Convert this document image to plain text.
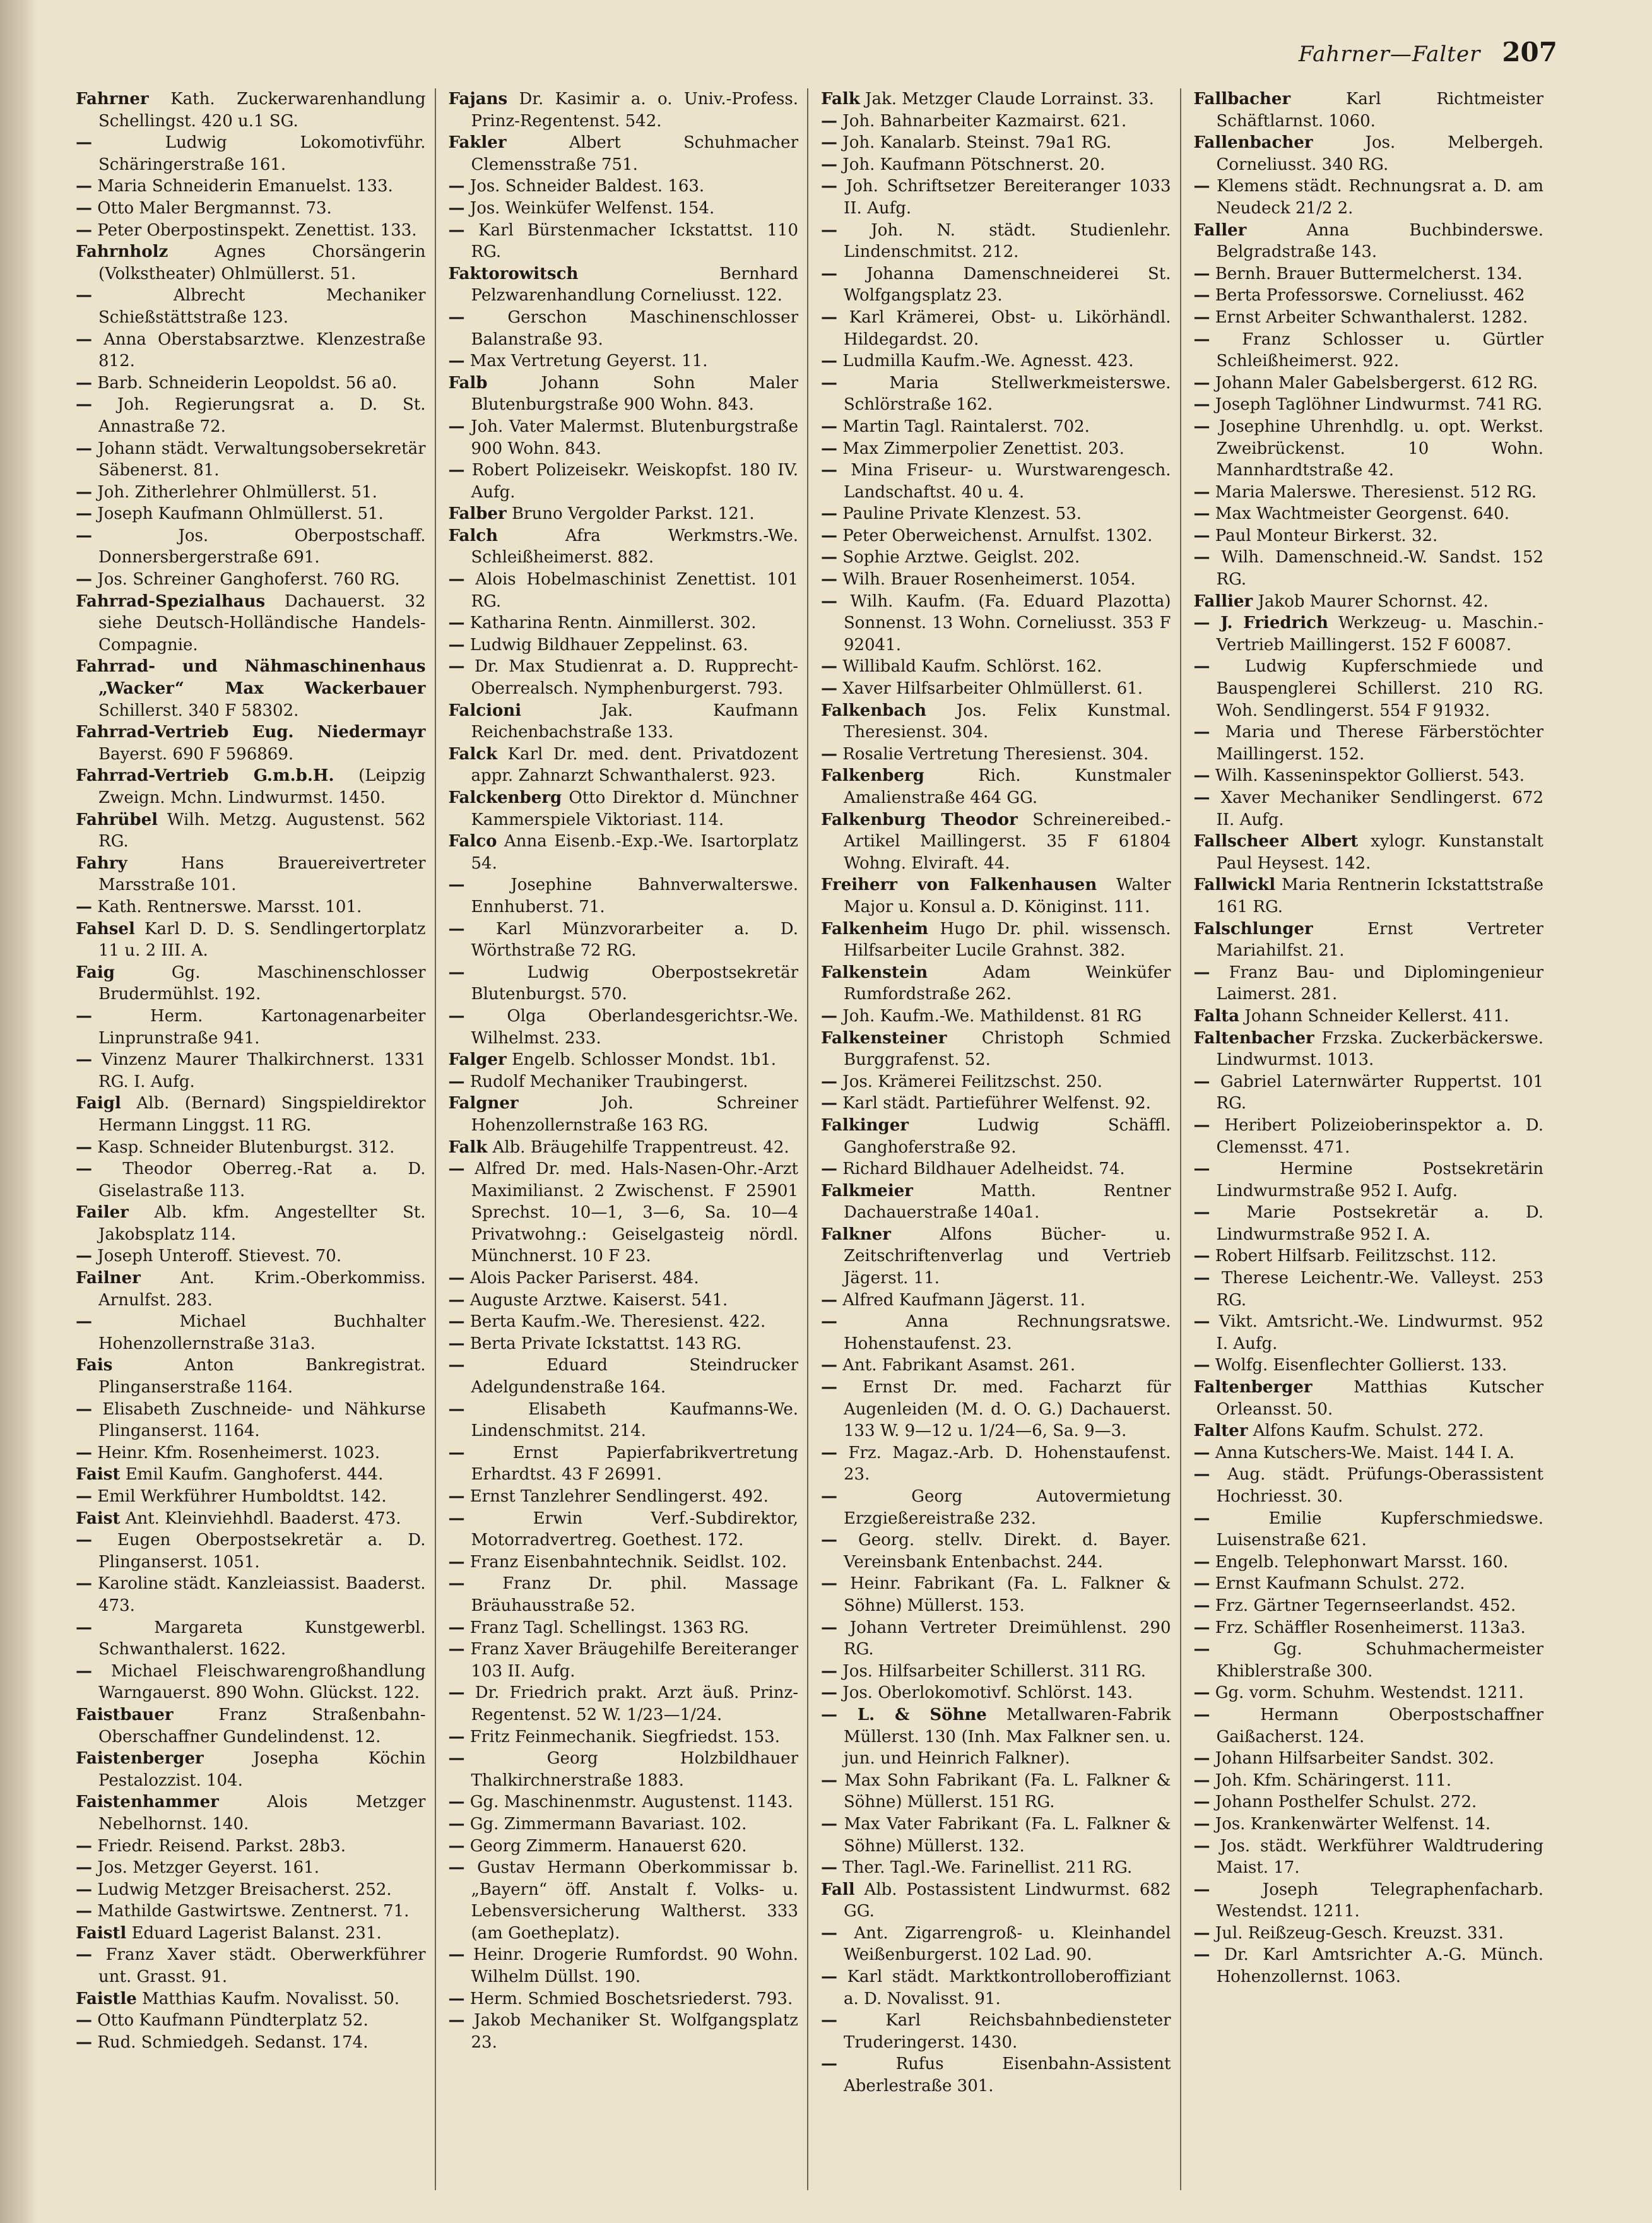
Fahrner—Falter 207
Fahrner Kath. Zuckerwarenhandlung Schellingst. 420 u.1 SG.
—	Ludwig Lokomotivführ. Schäringerstraße 161.
— Maria Schneiderin Emanuelst. 133.
— Otto Maler Bergmannst. 73.
— Peter Oberpostinspekt. Zenettist. 133.
Fahrnholz	Agnes Chorsängerin (Volkstheater) Ohlmüllerst. 51.
—	Albrecht Mechaniker Schießstättstraße 123.
— Anna Oberstabsarztwe. Klenzestraße 812.
— Barb. Schneiderin Leopoldst. 56 a0.
— Joh. Regierungsrat a. D. St. Annastraße 72.
— Johann städt. Verwaltungsobersekretär Säbenerst. 81.
— Joh. Zitherlehrer Ohlmüllerst. 51.
— Joseph Kaufmann Ohlmüllerst. 51.
—	Jos. Oberpostschaff. Donnersbergerstraße 691.
— Jos. Schreiner Ganghoferst. 760 RG.
Fahrrad-Spezialhaus Dachauerst. 32 siehe Deutsch-Holländische Handels-Compagnie.
Fahrrad- und Nähmaschinenhaus „Wacker“ Max Wackerbauer Schillerst. 340 F 58302.
Fahrrad-Vertrieb Eug. Niedermayr Bayerst. 690 F 596869.
Fahrrad-Vertrieb G.m.b.H. (Leipzig Zweign. Mchn. Lindwurmst. 1450.
Fahrübel Wilh. Metzg. Augustenst. 562 RG.
Fahry	Hans Brauereivertreter Marsstraße 101.
— Kath. Rentnerswe. Marsst. 101.
Fahsel Karl D. D. S. Sendlingertorplatz 11 u. 2 III. A.
Faig	Gg. Maschinenschlosser Brudermühlst. 192.
—	Herm. Kartonagenarbeiter Linprunstraße 941.
— Vinzenz Maurer Thalkirchnerst. 1331 RG. I. Aufg.
Faigl Alb. (Bernard) Singspieldirektor Hermann Linggst. 11 RG.
— Kasp. Schneider Blutenburgst. 312.
— Theodor Oberreg.-Rat a. D. Giselastraße 113.
Failer Alb. kfm. Angestellter St. Jakobsplatz 114.
— Joseph Unteroff. Stievest. 70.
Failner Ant. Krim.-Oberkommiss. Arnulfst. 283.
—	Michael Buchhalter Hohenzollernstraße 31a3.
Fais	Anton Bankregistrat. Plinganserstraße 1164.
— Elisabeth Zuschneide- und Nähkurse Plinganserst. 1164.
— Heinr. Kfm. Rosenheimerst. 1023.
Faist Emil Kaufm. Ganghoferst. 444.
— Emil Werkführer Humboldtst. 142.
Faist Ant. Kleinviehhdl. Baaderst. 473.
— Eugen Oberpostsekretär a. D. Plinganserst. 1051.
— Karoline städt. Kanzleiassist. Baaderst. 473.
—	Margareta Kunstgewerbl. Schwanthalerst. 1622.
— Michael Fleischwarengroßhandlung Warngauerst. 890 Wohn. Glückst. 122.
Faistbauer	Franz Straßenbahn-Oberschaffner Gundelindenst. 12.
Faistenberger	Josepha Köchin Pestalozzist. 104.
Faistenhammer	Alois Metzger Nebelhornst. 140.
— Friedr. Reisend. Parkst. 28b3.
— Jos. Metzger Geyerst. 161.
— Ludwig Metzger Breisacherst. 252.
— Mathilde Gastwirtswe. Zentnerst. 71.
Faistl Eduard Lagerist Balanst. 231.
— Franz Xaver städt. Oberwerkführer unt. Grasst. 91.
Faistle Matthias Kaufm. Novalisst. 50.
— Otto Kaufmann Pündterplatz 52.
— Rud. Schmiedgeh. Sedanst. 174.
Fajans Dr. Kasimir a. o. Univ.-Profess. Prinz-Regentenst. 542.
Fakler	Albert Schuhmacher Clemensstraße 751.
— Jos. Schneider Baldest. 163.
— Jos. Weinküfer Welfenst. 154.
— Karl Bürstenmacher Ickstattst. 110 RG.
Faktorowitsch	Bernhard Pelzwarenhandlung Corneliusst. 122.
—	Gerschon Maschinenschlosser Balanstraße 93.
— Max Vertretung Geyerst. 11.
Falb	Johann Sohn Maler Blutenburgstraße 900 Wohn. 843.
— Joh. Vater Malermst. Blutenburgstraße 900 Wohn. 843.
— Robert Polizeisekr. Weiskopfst. 180 IV. Aufg.
Falber Bruno Vergolder Parkst. 121.
Falch	Afra Werkmstrs.-We. Schleißheimerst. 882.
— Alois Hobelmaschinist Zenettist. 101 RG.
— Katharina Rentn. Ainmillerst. 302.
— Ludwig Bildhauer Zeppelinst. 63.
— Dr. Max Studienrat a. D. Rupprecht-Oberrealsch. Nymphenburgerst. 793.
Falcioni	Jak. Kaufmann Reichenbachstraße 133.
Falck Karl Dr. med. dent. Privatdozent appr. Zahnarzt Schwanthalerst. 923.
Falckenberg Otto Direktor d. Münchner Kammerspiele Viktoriast. 114.
Falco Anna Eisenb.-Exp.-We. Isartorplatz 54.
—	Josephine Bahnverwalterswe. Ennhuberst. 71.
— Karl Münzvorarbeiter a. D. Wörthstraße 72 RG.
—	Ludwig Oberpostsekretär Blutenburgst. 570.
—	Olga Oberlandesgerichtsr.-We. Wilhelmst. 233.
Falger Engelb. Schlosser Mondst. 1b1.
— Rudolf Mechaniker Traubingerst.
Falgner	Joh. Schreiner Hohenzollernstraße 163 RG.
Falk Alb. Bräugehilfe Trappentreust. 42.
— Alfred Dr. med. Hals-Nasen-Ohr.-Arzt Maximilianst. 2 Zwischenst. F 25901 Sprechst. 10—1, 3—6, Sa. 10—4 Privatwohng.: Geiselgasteig nördl. Münchnerst. 10 F 23.
— Alois Packer Pariserst. 484.
— Auguste Arztwe. Kaiserst. 541.
— Berta Kaufm.-We. Theresienst. 422.
— Berta Private Ickstattst. 143 RG.
—	Eduard Steindrucker Adelgundenstraße 164.
—	Elisabeth Kaufmanns-We. Lindenschmitst. 214.
—	Ernst Papierfabrikvertretung Erhardtst. 43 F 26991.
— Ernst Tanzlehrer Sendlingerst. 492.
—	Erwin Verf.-Subdirektor, Motorradvertreg. Goethest. 172.
— Franz Eisenbahntechnik. Seidlst. 102.
— Franz Dr. phil. Massage Bräuhausstraße 52.
— Franz Tagl. Schellingst. 1363 RG.
— Franz Xaver Bräugehilfe Bereiteranger 103 II. Aufg.
— Dr. Friedrich prakt. Arzt äuß. Prinz-Regentenst. 52 W. 1/23—1/24.
— Fritz Feinmechanik. Siegfriedst. 153.
—	Georg Holzbildhauer Thalkirchnerstraße 1883.
— Gg. Maschinenmstr. Augustenst. 1143.
— Gg. Zimmermann Bavariast. 102.
— Georg Zimmerm. Hanauerst 620.
— Gustav Hermann Oberkommissar b. „Bayern“ öff. Anstalt f. Volks- u. Lebensversicherung Waltherst. 333 (am Goetheplatz).
— Heinr. Drogerie Rumfordst. 90 Wohn. Wilhelm Düllst. 190.
— Herm. Schmied Boschetsriederst. 793.
— Jakob Mechaniker St. Wolfgangsplatz 23.
Falk Jak. Metzger Claude Lorrainst. 33.
— Joh. Bahnarbeiter Kazmairst. 621.
— Joh. Kanalarb. Steinst. 79a1 RG.
— Joh. Kaufmann Pötschnerst. 20.
— Joh. Schriftsetzer Bereiteranger 1033 II. Aufg.
— Joh. N. städt. Studienlehr. Lindenschmitst. 212.
— Johanna Damenschneiderei St. Wolfgangsplatz 23.
— Karl Krämerei, Obst- u. Likörhändl. Hildegardst. 20.
— Ludmilla Kaufm.-We. Agnesst. 423.
—	Maria Stellwerkmeisterswe. Schlörstraße 162.
— Martin Tagl. Raintalerst. 702.
— Max Zimmerpolier Zenettist. 203.
— Mina Friseur- u. Wurstwarengesch. Landschaftst. 40 u. 4.
— Pauline Private Klenzest. 53.
— Peter Oberweichenst. Arnulfst. 1302.
— Sophie Arztwe. Geiglst. 202.
— Wilh. Brauer Rosenheimerst. 1054.
— Wilh. Kaufm. (Fa. Eduard Plazotta) Sonnenst. 13 Wohn. Corneliusst. 353 F 92041.
— Willibald Kaufm. Schlörst. 162.
— Xaver Hilfsarbeiter Ohlmüllerst. 61.
Falkenbach Jos. Felix Kunstmal. Theresienst. 304.
— Rosalie Vertretung Theresienst. 304.
Falkenberg	Rich. Kunstmaler Amalienstraße 464 GG.
Falkenburg Theodor Schreinereibed.-Artikel Maillingerst. 35 F 61804 Wohng. Elviraft. 44.
Freiherr von Falkenhausen Walter Major u. Konsul a. D. Königinst. 111.
Falkenheim Hugo Dr. phil. wissensch. Hilfsarbeiter Lucile Grahnst. 382.
Falkenstein	Adam Weinküfer Rumfordstraße 262.
— Joh. Kaufm.-We. Mathildenst. 81 RG
Falkensteiner Christoph Schmied Burggrafenst. 52.
— Jos. Krämerei Feilitzschst. 250.
— Karl städt. Partieführer Welfenst. 92.
Falkinger	Ludwig Schäffl. Ganghoferstraße 92.
— Richard Bildhauer Adelheidst. 74.
Falkmeier	Matth. Rentner Dachauerstraße 140a1.
Falkner	Alfons Bücher- u. Zeitschriftenverlag und Vertrieb Jägerst. 11.
— Alfred Kaufmann Jägerst. 11.
—	Anna Rechnungsratswe. Hohenstaufenst. 23.
— Ant. Fabrikant Asamst. 261.
— Ernst Dr. med. Facharzt für Augenleiden (M. d. O. G.) Dachauerst. 133 W. 9—12 u. 1/24—6, Sa. 9—3.
— Frz. Magaz.-Arb. D. Hohenstaufenst. 23.
—	Georg Autovermietung Erzgießereistraße 232.
— Georg. stellv. Direkt. d. Bayer. Vereinsbank Entenbachst. 244.
— Heinr. Fabrikant (Fa. L. Falkner & Söhne) Müllerst. 153.
— Johann Vertreter Dreimühlenst. 290 RG.
— Jos. Hilfsarbeiter Schillerst. 311 RG.
— Jos. Oberlokomotivf. Schlörst. 143.
— L. & Söhne Metallwaren-Fabrik Müllerst. 130 (Inh. Max Falkner sen. u. jun. und Heinrich Falkner).
— Max Sohn Fabrikant (Fa. L. Falkner & Söhne) Müllerst. 151 RG.
— Max Vater Fabrikant (Fa. L. Falkner & Söhne) Müllerst. 132.
— Ther. Tagl.-We. Farinellist. 211 RG.
Fall Alb. Postassistent Lindwurmst. 682 GG.
— Ant. Zigarrengroß- u. Kleinhandel Weißenburgerst. 102 Lad. 90.
— Karl städt. Marktkontrolloberoffiziant a. D. Novalisst. 91.
—	Karl Reichsbahnbediensteter Truderingerst. 1430.
—	Rufus Eisenbahn-Assistent Aberlestraße 301.
Fallbacher	Karl Richtmeister Schäftlarnst. 1060.
Fallenbacher	Jos. Melbergeh. Corneliusst. 340 RG.
— Klemens städt. Rechnungsrat a. D. am Neudeck 21/2 2.
Faller	Anna Buchbinderswe. Belgradstraße 143.
— Bernh. Brauer Buttermelcherst. 134.
— Berta Professorswe. Corneliusst. 462
— Ernst Arbeiter Schwanthalerst. 1282.
— Franz Schlosser u. Gürtler Schleißheimerst. 922.
— Johann Maler Gabelsbergerst. 612 RG.
— Joseph Taglöhner Lindwurmst. 741 RG.
— Josephine Uhrenhdlg. u. opt. Werkst. Zweibrückenst. 10 Wohn. Mannhardtstraße 42.
— Maria Malerswe. Theresienst. 512 RG.
— Max Wachtmeister Georgenst. 640.
— Paul Monteur Birkerst. 32.
— Wilh. Damenschneid.-W. Sandst. 152 RG.
Fallier Jakob Maurer Schornst. 42.
— J. Friedrich Werkzeug- u. Maschin.-Vertrieb Maillingerst. 152 F 60087.
— Ludwig Kupferschmiede und Bauspenglerei Schillerst. 210 RG. Woh. Sendlingerst. 554 F 91932.
— Maria und Therese Färberstöchter Maillingerst. 152.
— Wilh. Kasseninspektor Gollierst. 543.
— Xaver Mechaniker Sendlingerst. 672 II. Aufg.
Fallscheer Albert xylogr. Kunstanstalt Paul Heysest. 142.
Fallwickl Maria Rentnerin Ickstattstraße 161 RG.
Falschlunger	Ernst Vertreter Mariahilfst. 21.
— Franz Bau- und Diplomingenieur Laimerst. 281.
Falta Johann Schneider Kellerst. 411.
Faltenbacher Frzska. Zuckerbäckerswe. Lindwurmst. 1013.
— Gabriel Laternwärter Ruppertst. 101 RG.
— Heribert Polizeioberinspektor a. D. Clemensst. 471.
—	Hermine Postsekretärin Lindwurmstraße 952 I. Aufg.
— Marie Postsekretär a. D. Lindwurmstraße 952 I. A.
— Robert Hilfsarb. Feilitzschst. 112.
— Therese Leichentr.-We. Valleyst. 253 RG.
— Vikt. Amtsricht.-We. Lindwurmst. 952 I. Aufg.
— Wolfg. Eisenflechter Gollierst. 133.
Faltenberger	Matthias Kutscher Orleansst. 50.
Falter Alfons Kaufm. Schulst. 272.
— Anna Kutschers-We. Maist. 144 I. A.
— Aug. städt. Prüfungs-Oberassistent Hochriesst. 30.
—	Emilie Kupferschmiedswe. Luisenstraße 621.
— Engelb. Telephonwart Marsst. 160.
— Ernst Kaufmann Schulst. 272.
— Frz. Gärtner Tegernseerlandst. 452.
— Frz. Schäffler Rosenheimerst. 113a3.
—	Gg. Schuhmachermeister Khiblerstraße 300.
— Gg. vorm. Schuhm. Westendst. 1211.
—	Hermann Oberpostschaffner Gaißacherst. 124.
— Johann Hilfsarbeiter Sandst. 302.
— Joh. Kfm. Schäringerst. 111.
— Johann Posthelfer Schulst. 272.
— Jos. Krankenwärter Welfenst. 14.
— Jos. städt. Werkführer Waldtrudering Maist. 17.
—	Joseph Telegraphenfacharb. Westendst. 1211.
— Jul. Reißzeug-Gesch. Kreuzst. 331.
— Dr. Karl Amtsrichter A.-G. Münch. Hohenzollernst. 1063.
